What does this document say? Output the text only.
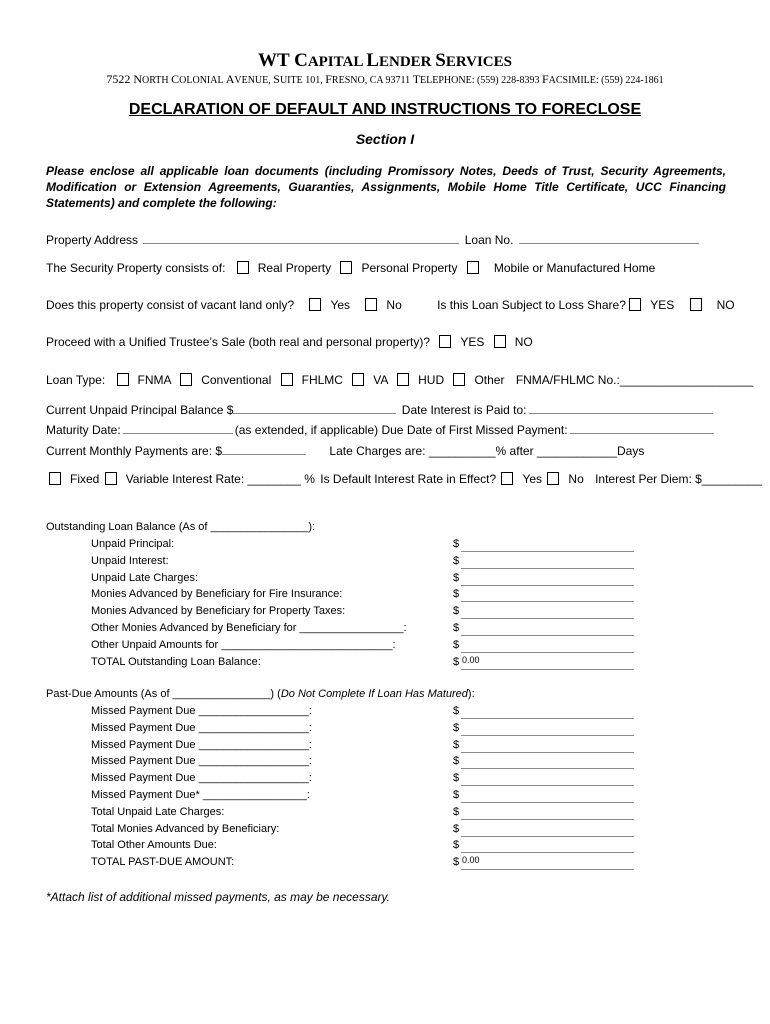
WT CAPITAL LENDER SERVICES
7522 NORTH COLONIAL AVENUE, SUITE 101, FRESNO, CA 93711 TELEPHONE: (559) 228-8393 FACSIMILE: (559) 224-1861
DECLARATION OF DEFAULT AND INSTRUCTIONS TO FORECLOSE
Section I
Please enclose all applicable loan documents (including Promissory Notes, Deeds of Trust, Security Agreements, Modification or Extension Agreements, Guaranties, Assignments, Mobile Home Title Certificate, UCC Financing Statements) and complete the following:
Property Address	Loan No.
The Security Property consists of:	Real Property	Personal Property	Mobile or Manufactured Home
Does this property consist of vacant land only?	Yes	No	Is this Loan Subject to Loss Share? YES	NO
Proceed with a Unified Trustee’s Sale (both real and personal property)?	YES	NO
Loan Type:	FNMA	Conventional	FHLMC	VA	HUD	Other FNMA/FHLMC No.:____________________
Current Unpaid Principal Balance $	Date Interest is Paid to:
Maturity Date:	(as extended, if applicable) Due Date of First Missed Payment:
Current Monthly Payments are: $	Late Charges are: __________% after ____________Days
Fixed Variable Interest Rate: ________ % Is Default Interest Rate in Effect? Yes No Interest Per Diem: $_________
Outstanding Loan Balance (As of ________________):
Unpaid Principal:	$
Unpaid Interest:	$
Unpaid Late Charges:	$
Monies Advanced by Beneficiary for Fire Insurance:	$
Monies Advanced by Beneficiary for Property Taxes:	$
Other Monies Advanced by Beneficiary for _________________:	$
Other Unpaid Amounts for ____________________________:	$
TOTAL Outstanding Loan Balance:	$ 0.00
Past-Due Amounts (As of ________________) (Do Not Complete If Loan Has Matured):
Missed Payment Due __________________:	$
Missed Payment Due __________________:	$
Missed Payment Due __________________:	$
Missed Payment Due __________________:	$
Missed Payment Due __________________:	$
Missed Payment Due* _________________:	$
Total Unpaid Late Charges:	$
Total Monies Advanced by Beneficiary:	$
Total Other Amounts Due:	$
TOTAL PAST-DUE AMOUNT:	$ 0.00
*Attach list of additional missed payments, as may be necessary.
